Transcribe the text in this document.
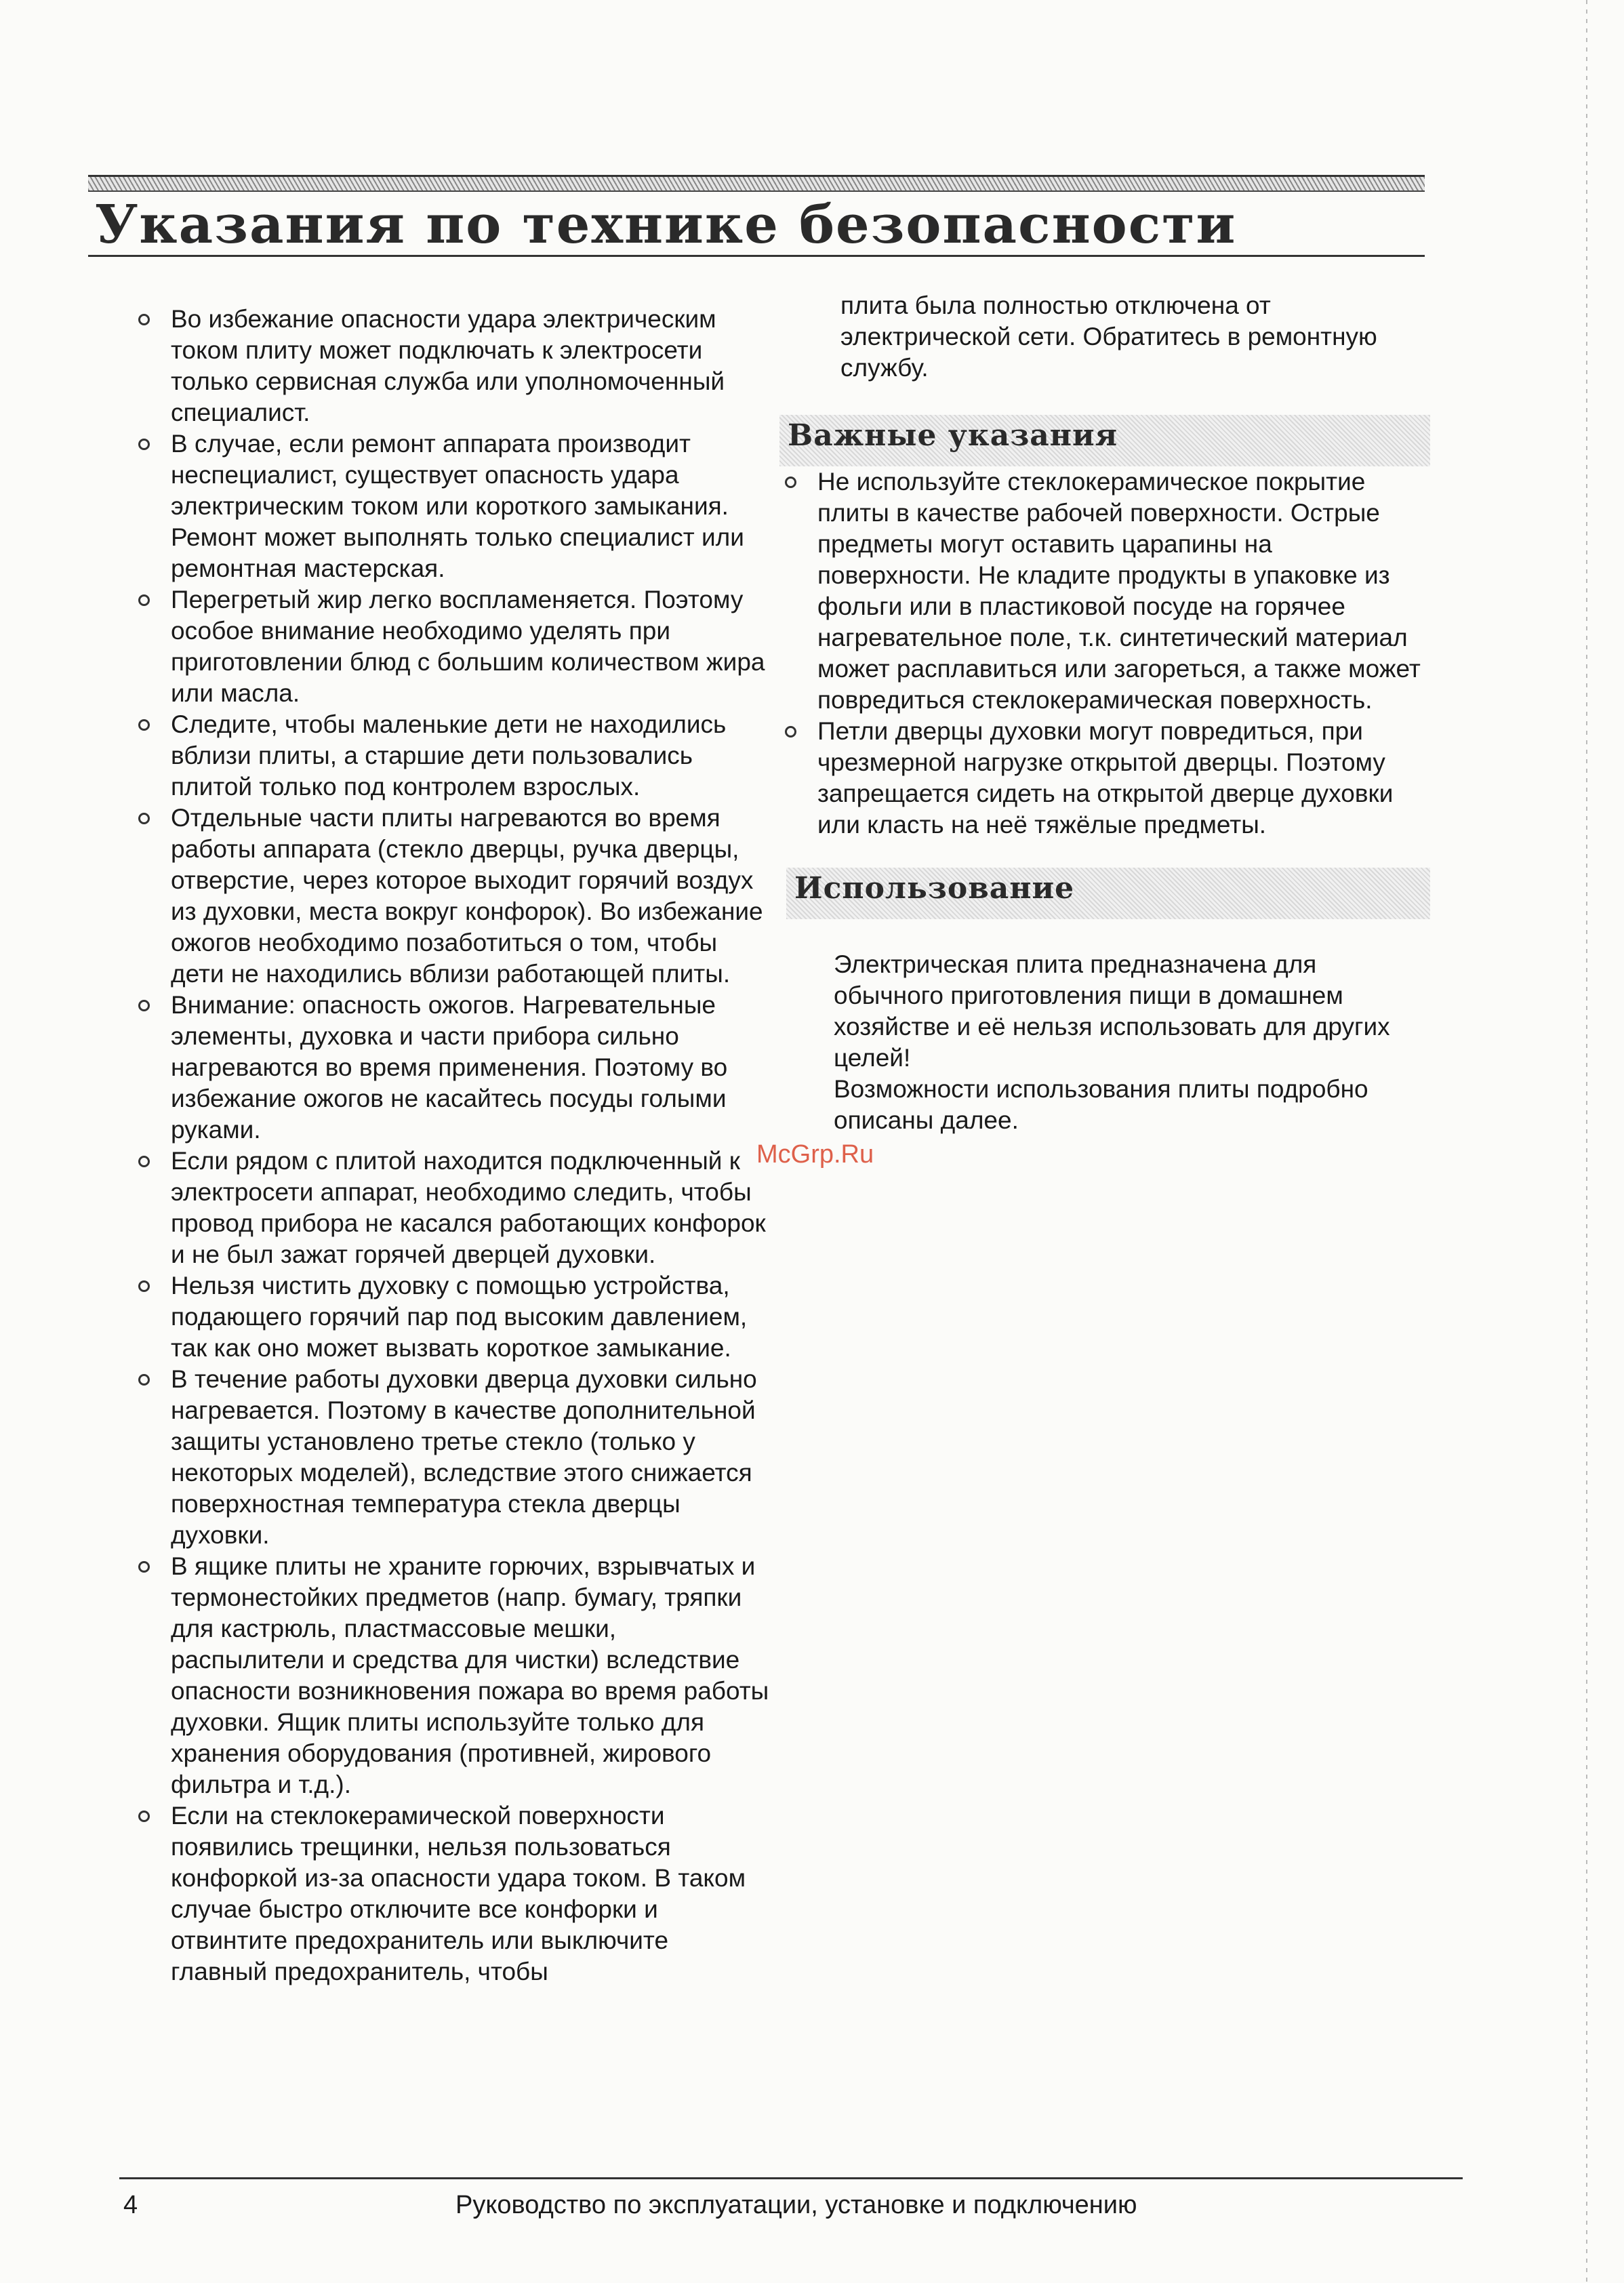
Указания по технике безопасности
Во избежание опасности удара электрическим током плиту может подключать к электросети только сервисная служба или уполномоченный специалист.
В случае, если ремонт аппарата производит неспециалист, существует опасность удара электрическим током или короткого замыкания. Ремонт может выполнять только специалист или ремонтная мастерская.
Перегретый жир легко воспламеняется. Поэтому особое внимание необходимо уделять при приготовлении блюд с большим количеством жира или масла.
Следите, чтобы маленькие дети не находились вблизи плиты, а старшие дети пользовались плитой только под контролем взрослых.
Отдельные части плиты нагреваются во время работы аппарата (стекло дверцы, ручка дверцы, отверстие, через которое выходит горячий воздух из духовки, места вокруг конфорок). Во избежание ожогов необходимо позаботиться о том, чтобы дети не находились вблизи работающей плиты.
Внимание: опасность ожогов. Нагревательные элементы, духовка и части прибора сильно нагреваются во время применения. Поэтому во избежание ожогов не касайтесь посуды голыми руками.
Если рядом с плитой находится подключенный к электросети аппарат, необходимо следить, чтобы провод прибора не касался работающих конфорок и не был зажат горячей дверцей духовки.
Нельзя чистить духовку с помощью устройства, подающего горячий пар под высоким давлением, так как оно может вызвать короткое замыкание.
В течение работы духовки дверца духовки сильно нагревается. Поэтому в качестве дополнительной защиты установлено третье стекло (только у некоторых моделей), вследствие этого снижается поверхностная температура стекла дверцы духовки.
В ящике плиты не храните горючих, взрывчатых и термонестойких предметов (напр. бумагу, тряпки для кастрюль, пластмассовые мешки, распылители и средства для чистки) вследствие опасности возникновения пожара во время работы духовки. Ящик плиты используйте только для хранения оборудования (противней, жирового фильтра и т.д.).
Если на стеклокерамической поверхности появились трещинки, нельзя пользоваться конфоркой из-за опасности удара током. В таком случае быстро отключите все конфорки и отвинтите предохранитель или выключите главный предохранитель, чтобы

плита была полностью отключена от электрической сети. Обратитесь в ремонтную службу.

Важные указания
Не используйте стеклокерамическое покрытие плиты в качестве рабочей поверхности. Острые предметы могут оставить царапины на поверхности. Не кладите продукты в упаковке из фольги или в пластиковой посуде на горячее нагревательное поле, т.к. синтетический материал может расплавиться или загореться, а также может повредиться стеклокерамическая поверхность.
Петли дверцы духовки могут повредиться, при чрезмерной нагрузке открытой дверцы. Поэтому запрещается сидеть на открытой дверце духовки или класть на неё тяжёлые предметы.
Использование

Электрическая плита предназначена для обычного приготовления пищи в домашнем хозяйстве и её нельзя использовать для других целей!

Возможности использования плиты подробно описаны далее.

McGrp.Ru
4	Руководство по эксплуатации, установке и подключению
